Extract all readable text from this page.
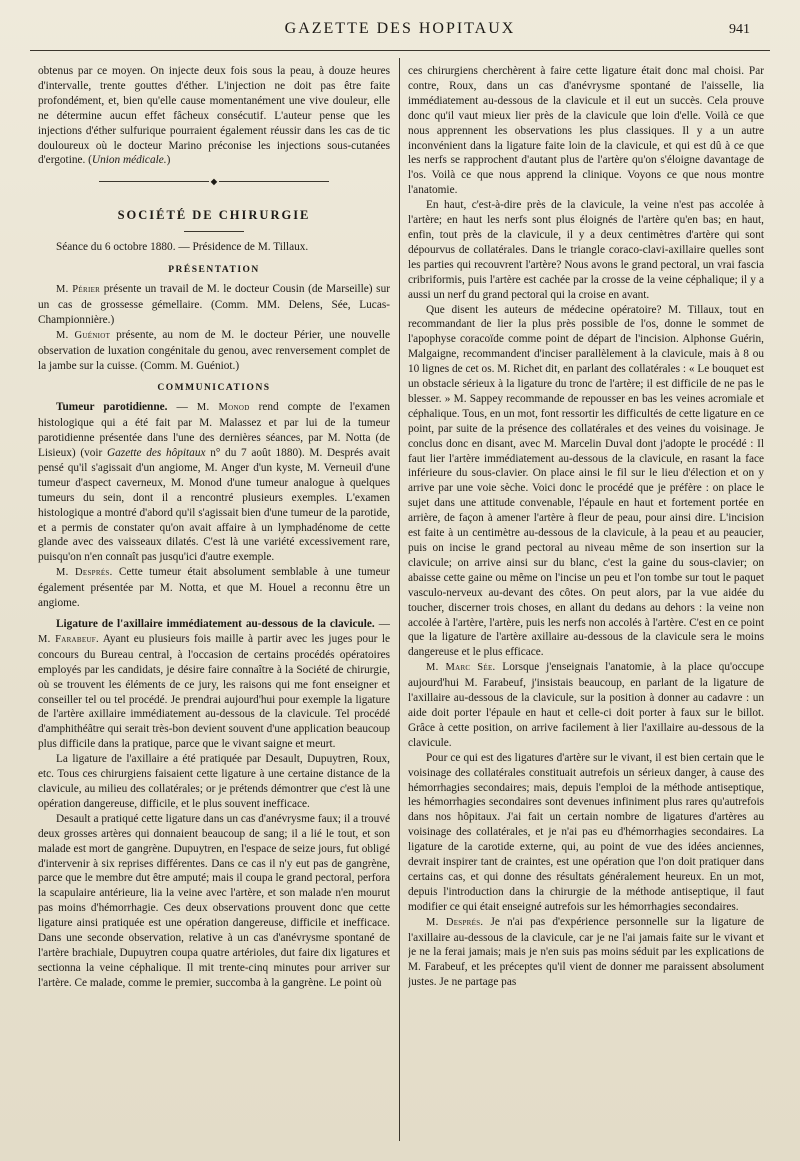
GAZETTE DES HOPITAUX	941

obtenus par ce moyen. On injecte deux fois sous la peau, à douze heures d'intervalle, trente gouttes d'éther. L'injection ne doit pas être faite profondément, et, bien qu'elle cause momentanément une vive douleur, elle ne détermine aucun effet fâcheux consécutif. L'auteur pense que les injections d'éther sulfurique pourraient également réussir dans les cas de tic douloureux où le docteur Marino préconise les injections sous-cutanées d'ergotine. (Union médicale.)

◆
SOCIÉTÉ DE CHIRURGIE

Séance du 6 octobre 1880. — Présidence de M. Tillaux.

PRÉSENTATION

M. Périer présente un travail de M. le docteur Cousin (de Marseille) sur un cas de grossesse gémellaire. (Comm. MM. Delens, Sée, Lucas-Championnière.)

M. Guéniot présente, au nom de M. le docteur Périer, une nouvelle observation de luxation congénitale du genou, avec renversement complet de la jambe sur la cuisse. (Comm. M. Guéniot.)

COMMUNICATIONS

Tumeur parotidienne. — M. Monod rend compte de l'examen histologique qui a été fait par M. Malassez et par lui de la tumeur parotidienne présentée dans l'une des dernières séances, par M. Notta (de Lisieux) (voir Gazette des hôpitaux n° du 7 août 1880). M. Després avait pensé qu'il s'agissait d'un angiome, M. Anger d'un kyste, M. Verneuil d'une tumeur d'aspect caverneux, M. Monod d'une tumeur analogue à quelques tumeurs du sein, dont il a rencontré plusieurs exemples. L'examen histologique a montré d'abord qu'il s'agissait bien d'une tumeur de la parotide, et a permis de constater qu'on avait affaire à un lymphadénome de cette glande avec des vaisseaux dilatés. C'est là une variété excessivement rare, puisqu'on n'en connaît pas jusqu'ici d'autre exemple.

M. Després. Cette tumeur était absolument semblable à une tumeur également présentée par M. Notta, et que M. Houel a reconnu être un angiome.

Ligature de l'axillaire immédiatement au-dessous de la clavicule. — M. Farabeuf. Ayant eu plusieurs fois maille à partir avec les juges pour le concours du Bureau central, à l'occasion de certains procédés opératoires employés par les candidats, je désire faire connaître à la Société de chirurgie, où se trouvent les éléments de ce jury, les raisons qui me font enseigner et conseiller tel ou tel procédé. Je prendrai aujourd'hui pour exemple la ligature de l'artère axillaire immédiatement au-dessous de la clavicule. Tel procédé d'amphithéâtre qui serait très-bon devient souvent d'une application beaucoup plus difficile dans la pratique, parce que le vivant saigne et meurt.

La ligature de l'axillaire a été pratiquée par Desault, Dupuytren, Roux, etc. Tous ces chirurgiens faisaient cette ligature à une certaine distance de la clavicule, au milieu des collatérales; or je prétends démontrer que c'est là une opération dangereuse, difficile, et le plus souvent inefficace.

Desault a pratiqué cette ligature dans un cas d'anévrysme faux; il a trouvé deux grosses artères qui donnaient beaucoup de sang; il a lié le tout, et son malade est mort de gangrène. Dupuytren, en l'espace de seize jours, fut obligé d'intervenir à six reprises différentes. Dans ce cas il n'y eut pas de gangrène, parce que le membre dut être amputé; mais il coupa le grand pectoral, perfora la scapulaire antérieure, lia la veine avec l'artère, et son malade n'en mourut pas moins d'hémorrhagie. Ces deux observations prouvent donc que cette ligature ainsi pratiquée est une opération dangereuse, difficile et inefficace. Dans une seconde observation, relative à un cas d'anévrysme spontané de l'artère brachiale, Dupuytren coupa quatre artérioles, dut faire dix ligatures et sectionna la veine céphalique. Il mit trente-cinq minutes pour arriver sur l'artère. Ce malade, comme le premier, succomba à la gangrène. Le point où

ces chirurgiens cherchèrent à faire cette ligature était donc mal choisi. Par contre, Roux, dans un cas d'anévrysme spontané de l'aisselle, lia immédiatement au-dessous de la clavicule et il eut un succès. Cela prouve donc qu'il vaut mieux lier près de la clavicule que loin d'elle. Voilà ce que nous apprennent les observations les plus classiques. Il y a un autre inconvénient dans la ligature faite loin de la clavicule, et qui est dû à ce que les nerfs se rapprochent d'autant plus de l'artère qu'on s'éloigne davantage de l'os. Voilà ce que nous apprend la clinique. Voyons ce que nous montre l'anatomie.

En haut, c'est-à-dire près de la clavicule, la veine n'est pas accolée à l'artère; en haut les nerfs sont plus éloignés de l'artère qu'en bas; en haut, enfin, tout près de la clavicule, il y a deux centimètres d'artère qui sont dépourvus de collatérales. Dans le triangle coraco-clavi-axillaire quelles sont les parties qui recouvrent l'artère? Nous avons le grand pectoral, un vrai fascia cribriformis, puis l'artère est cachée par la crosse de la veine céphalique; il y a aussi un nerf du grand pectoral qui la croise en avant.

Que disent les auteurs de médecine opératoire? M. Tillaux, tout en recommandant de lier la plus près possible de l'os, donne le sommet de l'apophyse coracoïde comme point de départ de l'incision. Alphonse Guérin, Malgaigne, recommandent d'inciser parallèlement à la clavicule, mais à 8 ou 10 lignes de cet os. M. Richet dit, en parlant des collatérales : « Le bouquet est un obstacle sérieux à la ligature du tronc de l'artère; il est difficile de ne pas le blesser. » M. Sappey recommande de repousser en bas les veines acromiale et céphalique. Tous, en un mot, font ressortir les difficultés de cette ligature en ce point, par suite de la présence des collatérales et des veines du voisinage. Je conclus donc en disant, avec M. Marcelin Duval dont j'adopte le procédé : Il faut lier l'artère immédiatement au-dessous de la clavicule, en rasant la face inférieure du sous-clavier. On place ainsi le fil sur le lieu d'élection et on y arrive par une voie sèche. Voici donc le procédé que je préfère : on place le sujet dans une attitude convenable, l'épaule en haut et fortement portée en arrière, de façon à amener l'artère à fleur de peau, pour ainsi dire. L'incision est faite à un centimètre au-dessous de la clavicule, à la peau et au peaucier, puis on incise le grand pectoral au niveau même de son insertion sur la clavicule; on arrive ainsi sur du blanc, c'est la gaine du sous-clavier; on abaisse cette gaine ou même on l'incise un peu et l'on tombe sur tout le paquet vasculo-nerveux au-devant des côtes. On peut alors, par la vue aidée du toucher, discerner trois choses, en allant du dedans au dehors : la veine non accolée à l'artère, l'artère, puis les nerfs non accolés à l'artère. C'est en ce point que la ligature de l'artère axillaire au-dessous de la clavicule sera le moins dangereuse et le plus efficace.

M. Marc Sée. Lorsque j'enseignais l'anatomie, à la place qu'occupe aujourd'hui M. Farabeuf, j'insistais beaucoup, en parlant de la ligature de l'axillaire au-dessous de la clavicule, sur la position à donner au cadavre : un aide doit porter l'épaule en haut et celle-ci doit porter à faux sur le billot. Grâce à cette position, on arrive facilement à lier l'axillaire au-dessous de la clavicule.

Pour ce qui est des ligatures d'artère sur le vivant, il est bien certain que le voisinage des collatérales constituait autrefois un sérieux danger, à cause des hémorrhagies secondaires; mais, depuis l'emploi de la méthode antiseptique, les hémorrhagies secondaires sont devenues infiniment plus rares qu'autrefois dans nos hôpitaux. J'ai fait un certain nombre de ligatures d'artères au voisinage des collatérales, et je n'ai pas eu d'hémorrhagies secondaires. La ligature de la carotide externe, qui, au point de vue des idées anciennes, devrait inspirer tant de craintes, est une opération que l'on doit pratiquer dans certains cas, et qui donne des résultats généralement heureux. En un mot, depuis l'introduction dans la chirurgie de la méthode antiseptique, il faut modifier ce qui était enseigné autrefois sur les hémorrhagies secondaires.

M. Després. Je n'ai pas d'expérience personnelle sur la ligature de l'axillaire au-dessous de la clavicule, car je ne l'ai jamais faite sur le vivant et je ne la ferai jamais; mais je n'en suis pas moins séduit par les explications de M. Farabeuf, et les préceptes qu'il vient de donner me paraissent absolument justes. Je ne partage pas
